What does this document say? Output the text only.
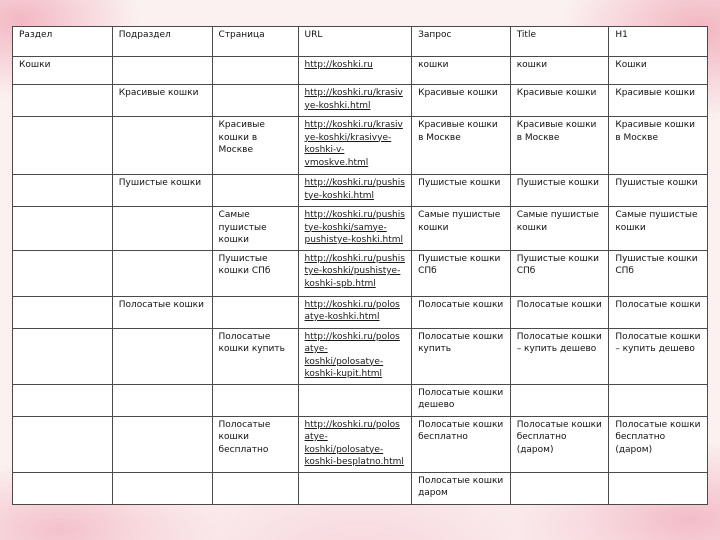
Раздел	Подраздел	Страница	URL	Запрос	Title	H1
Кошки			http://koshki.ru	кошки	кошки	Кошки
	Красивые кошки		http://koshki.ru/krasivye-koshki.html	Красивые кошки	Красивые кошки	Красивые кошки
		Красивые кошки в Москве	http://koshki.ru/krasivye-koshki/krasivye-koshki-v-vmoskve.html	Красивые кошки в Москве	Красивые кошки в Москве	Красивые кошки в Москве
	Пушистые кошки		http://koshki.ru/pushistye-koshki.html	Пушистые кошки	Пушистые кошки	Пушистые кошки
		Самые пушистые кошки	http://koshki.ru/pushistye-koshki/samye-pushistye-koshki.html	Самые пушистые кошки	Самые пушистые кошки	Самые пушистые кошки
		Пушистые кошки СПб	http://koshki.ru/pushistye-koshki/pushistye-koshki-spb.html	Пушистые кошки СПб	Пушистые кошки СПб	Пушистые кошки СПб
	Полосатые кошки		http://koshki.ru/polosatye-koshki.html	Полосатые кошки	Полосатые кошки	Полосатые кошки
		Полосатые кошки купить	http://koshki.ru/polosatye-koshki/polosatye-koshki-kupit.html	Полосатые кошки купить	Полосатые кошки – купить дешево	Полосатые кошки – купить дешево
				Полосатые кошки дешево		
		Полосатые кошки бесплатно	http://koshki.ru/polosatye-koshki/polosatye-koshki-besplatno.html	Полосатые кошки бесплатно	Полосатые кошки бесплатно (даром)	Полосатые кошки бесплатно (даром)
				Полосатые кошки даром		
